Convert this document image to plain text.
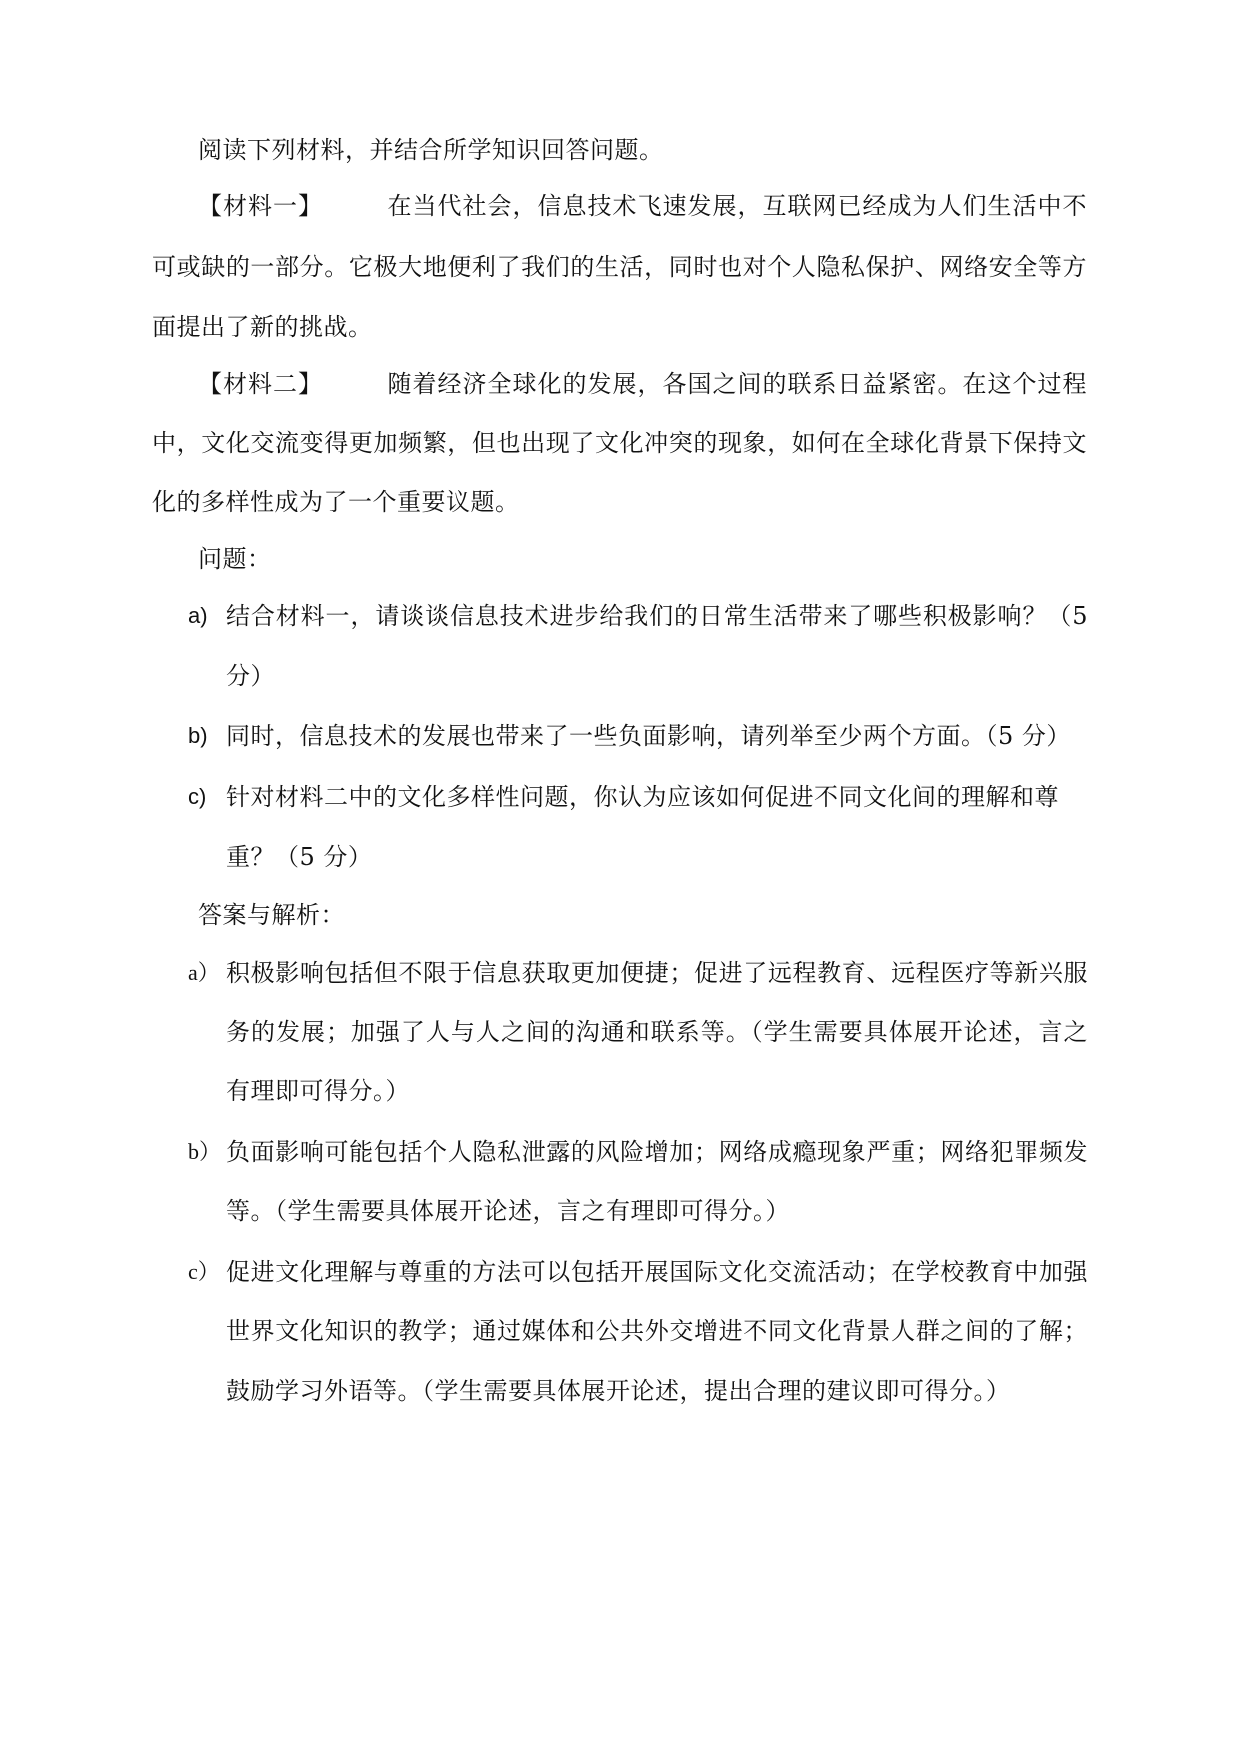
阅读下列材料，并结合所学知识回答问题。
【材料一】	在当代社会，信息技术飞速发展，互联网已经成为人们生活中不
可或缺的一部分。它极大地便利了我们的生活，同时也对个人隐私保护、网络安全等方
面提出了新的挑战。
【材料二】	随着经济全球化的发展，各国之间的联系日益紧密。在这个过程
中，文化交流变得更加频繁，但也出现了文化冲突的现象，如何在全球化背景下保持文
化的多样性成为了一个重要议题。
问题：
a) 结合材料一，请谈谈信息技术进步给我们的日常生活带来了哪些积极影响？（5
分）
b) 同时，信息技术的发展也带来了一些负面影响，请列举至少两个方面。（5 分）
c) 针对材料二中的文化多样性问题，你认为应该如何促进不同文化间的理解和尊
重？（5 分）
答案与解析：
a） 积极影响包括但不限于信息获取更加便捷；促进了远程教育、远程医疗等新兴服
务的发展；加强了人与人之间的沟通和联系等。（学生需要具体展开论述，言之
有理即可得分。）
b） 负面影响可能包括个人隐私泄露的风险增加；网络成瘾现象严重；网络犯罪频发
等。（学生需要具体展开论述，言之有理即可得分。）
c） 促进文化理解与尊重的方法可以包括开展国际文化交流活动；在学校教育中加强
世界文化知识的教学；通过媒体和公共外交增进不同文化背景人群之间的了解；
鼓励学习外语等。（学生需要具体展开论述，提出合理的建议即可得分。）
